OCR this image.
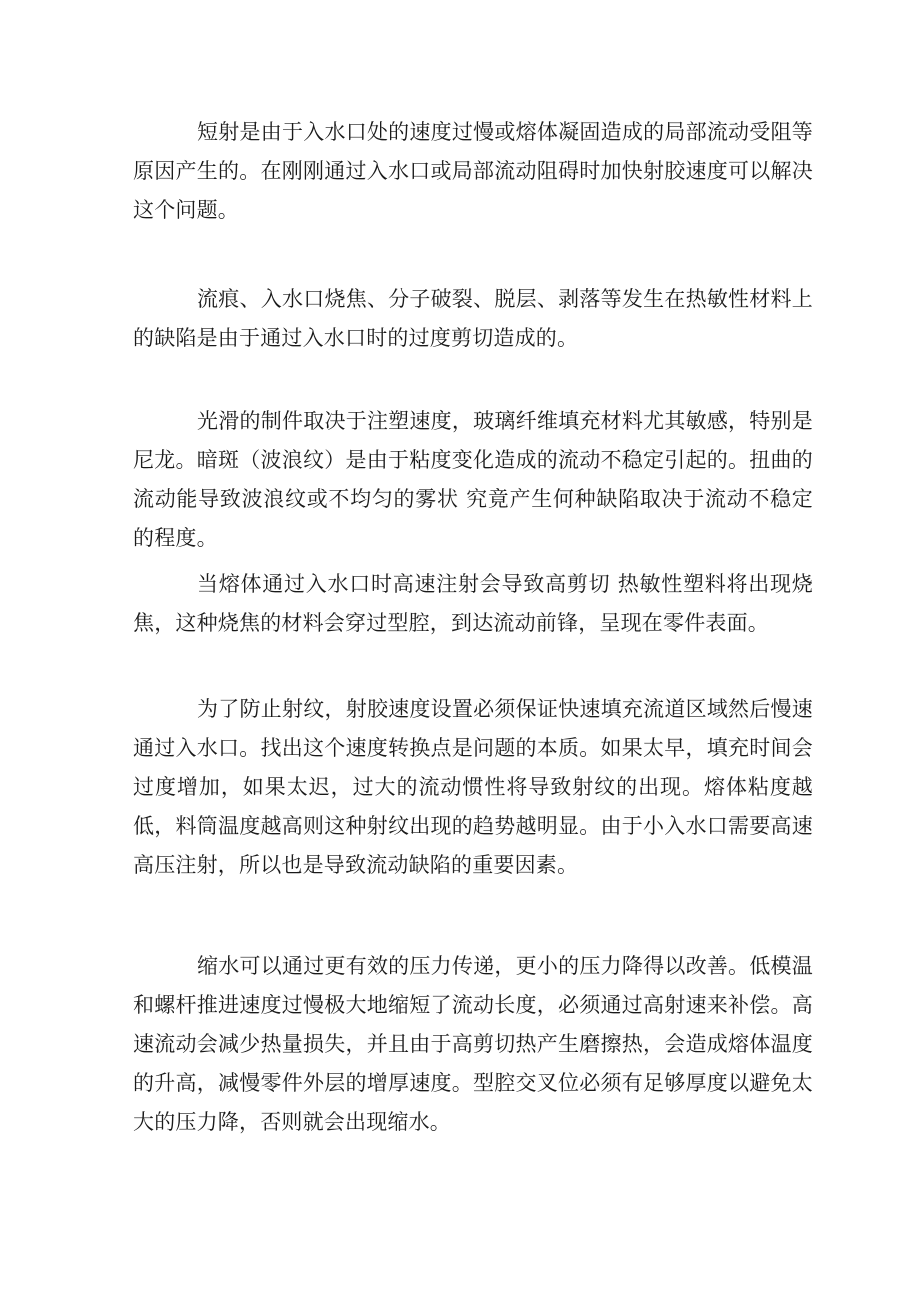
短射是由于入水口处的速度过慢或熔体凝固造成的局部流动受阻等原因产生的。在刚刚通过入水口或局部流动阻碍时加快射胶速度可以解决这个问题。

流痕、入水口烧焦、分子破裂、脱层、剥落等发生在热敏性材料上的缺陷是由于通过入水口时的过度剪切造成的。

光滑的制件取决于注塑速度，玻璃纤维填充材料尤其敏感，特别是尼龙。暗斑（波浪纹）是由于粘度变化造成的流动不稳定引起的。扭曲的流动能导致波浪纹或不均匀的雾状 究竟产生何种缺陷取决于流动不稳定的程度。

当熔体通过入水口时高速注射会导致高剪切 热敏性塑料将出现烧焦，这种烧焦的材料会穿过型腔，到达流动前锋，呈现在零件表面。

为了防止射纹，射胶速度设置必须保证快速填充流道区域然后慢速通过入水口。找出这个速度转换点是问题的本质。如果太早，填充时间会过度增加，如果太迟，过大的流动惯性将导致射纹的出现。熔体粘度越低，料筒温度越高则这种射纹出现的趋势越明显。由于小入水口需要高速高压注射，所以也是导致流动缺陷的重要因素。

缩水可以通过更有效的压力传递，更小的压力降得以改善。低模温和螺杆推进速度过慢极大地缩短了流动长度，必须通过高射速来补偿。高速流动会减少热量损失，并且由于高剪切热产生磨擦热，会造成熔体温度的升高，减慢零件外层的增厚速度。型腔交叉位必须有足够厚度以避免太大的压力降，否则就会出现缩水。
